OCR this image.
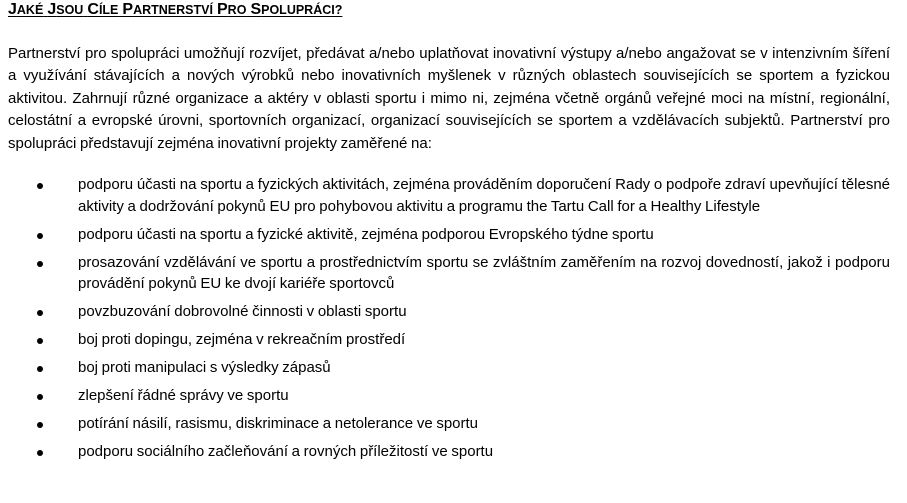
JAKÉ JSOU CÍLE PARTNERSTVÍ PRO SPOLUPRÁCI?

Partnerství pro spolupráci umožňují rozvíjet, předávat a/nebo uplatňovat inovativní výstupy a/nebo angažovat se v intenzivním šíření a využívání stávajících a nových výrobků nebo inovativních myšlenek v různých oblastech souvisejících se sportem a fyzickou aktivitou. Zahrnují různé organizace a aktéry v oblasti sportu i mimo ni, zejména včetně orgánů veřejné moci na místní, regionální, celostátní a evropské úrovni, sportovních organizací, organizací souvisejících se sportem a vzdělávacích subjektů. Partnerství pro spolupráci představují zejména inovativní projekty zaměřené na:

podporu účasti na sportu a fyzických aktivitách, zejména prováděním doporučení Rady o podpoře zdraví upevňující tělesné aktivity a dodržování pokynů EU pro pohybovou aktivitu a programu the Tartu Call for a Healthy Lifestyle
podporu účasti na sportu a fyzické aktivitě, zejména podporou Evropského týdne sportu
prosazování vzdělávání ve sportu a prostřednictvím sportu se zvláštním zaměřením na rozvoj dovedností, jakož i podporu provádění pokynů EU ke dvojí kariéře sportovců
povzbuzování dobrovolné činnosti v oblasti sportu
boj proti dopingu, zejména v rekreačním prostředí
boj proti manipulaci s výsledky zápasů
zlepšení řádné správy ve sportu
potírání násilí, rasismu, diskriminace a netolerance ve sportu
podporu sociálního začleňování a rovných příležitostí ve sportu
